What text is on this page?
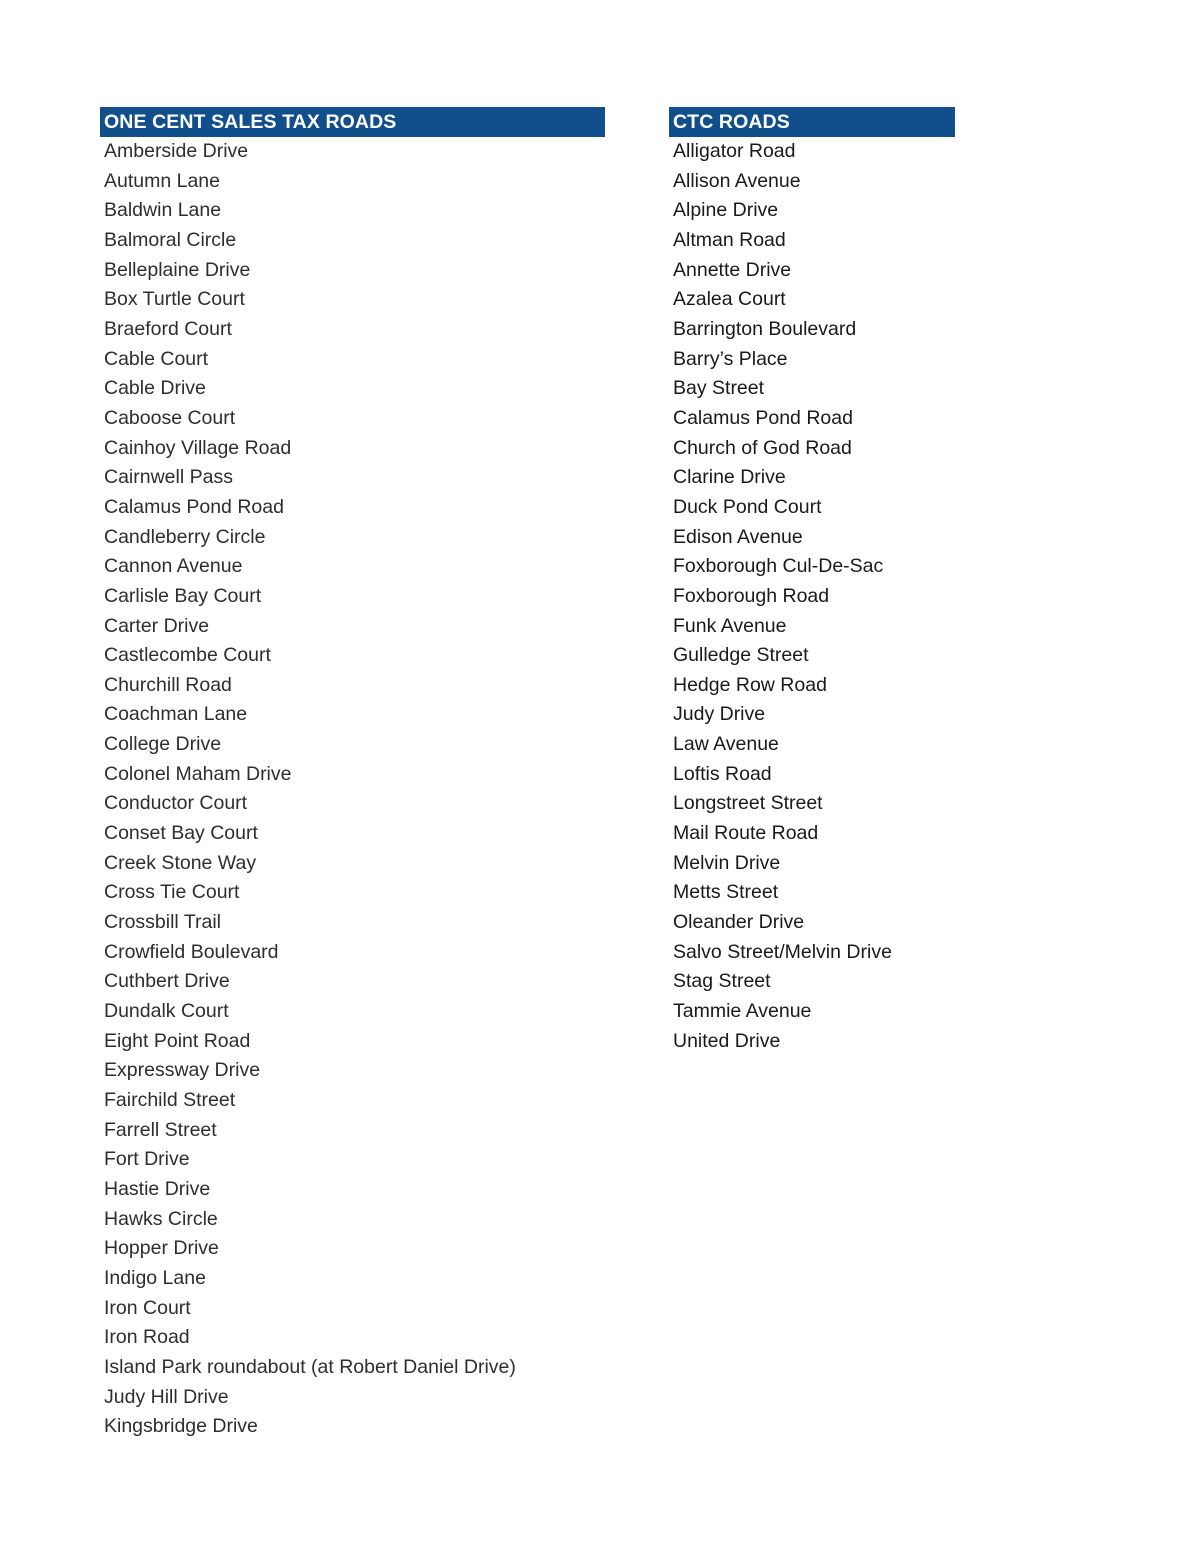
ONE CENT SALES TAX ROADS
Amberside Drive
Autumn Lane
Baldwin Lane
Balmoral Circle
Belleplaine Drive
Box Turtle Court
Braeford Court
Cable Court
Cable Drive
Caboose Court
Cainhoy Village Road
Cairnwell Pass
Calamus Pond Road
Candleberry Circle
Cannon Avenue
Carlisle Bay Court
Carter Drive
Castlecombe Court
Churchill Road
Coachman Lane
College Drive
Colonel Maham Drive
Conductor Court
Conset Bay Court
Creek Stone Way
Cross Tie Court
Crossbill Trail
Crowfield Boulevard
Cuthbert Drive
Dundalk Court
Eight Point Road
Expressway Drive
Fairchild Street
Farrell Street
Fort Drive
Hastie Drive
Hawks Circle
Hopper Drive
Indigo Lane
Iron Court
Iron Road
Island Park roundabout (at Robert Daniel Drive)
Judy Hill Drive
Kingsbridge Drive
CTC ROADS
Alligator Road
Allison Avenue
Alpine Drive
Altman Road
Annette Drive
Azalea Court
Barrington Boulevard
Barry’s Place
Bay Street
Calamus Pond Road
Church of God Road
Clarine Drive
Duck Pond Court
Edison Avenue
Foxborough Cul-De-Sac
Foxborough Road
Funk Avenue
Gulledge Street
Hedge Row Road
Judy Drive
Law Avenue
Loftis Road
Longstreet Street
Mail Route Road
Melvin Drive
Metts Street
Oleander Drive
Salvo Street/Melvin Drive
Stag Street
Tammie Avenue
United Drive
